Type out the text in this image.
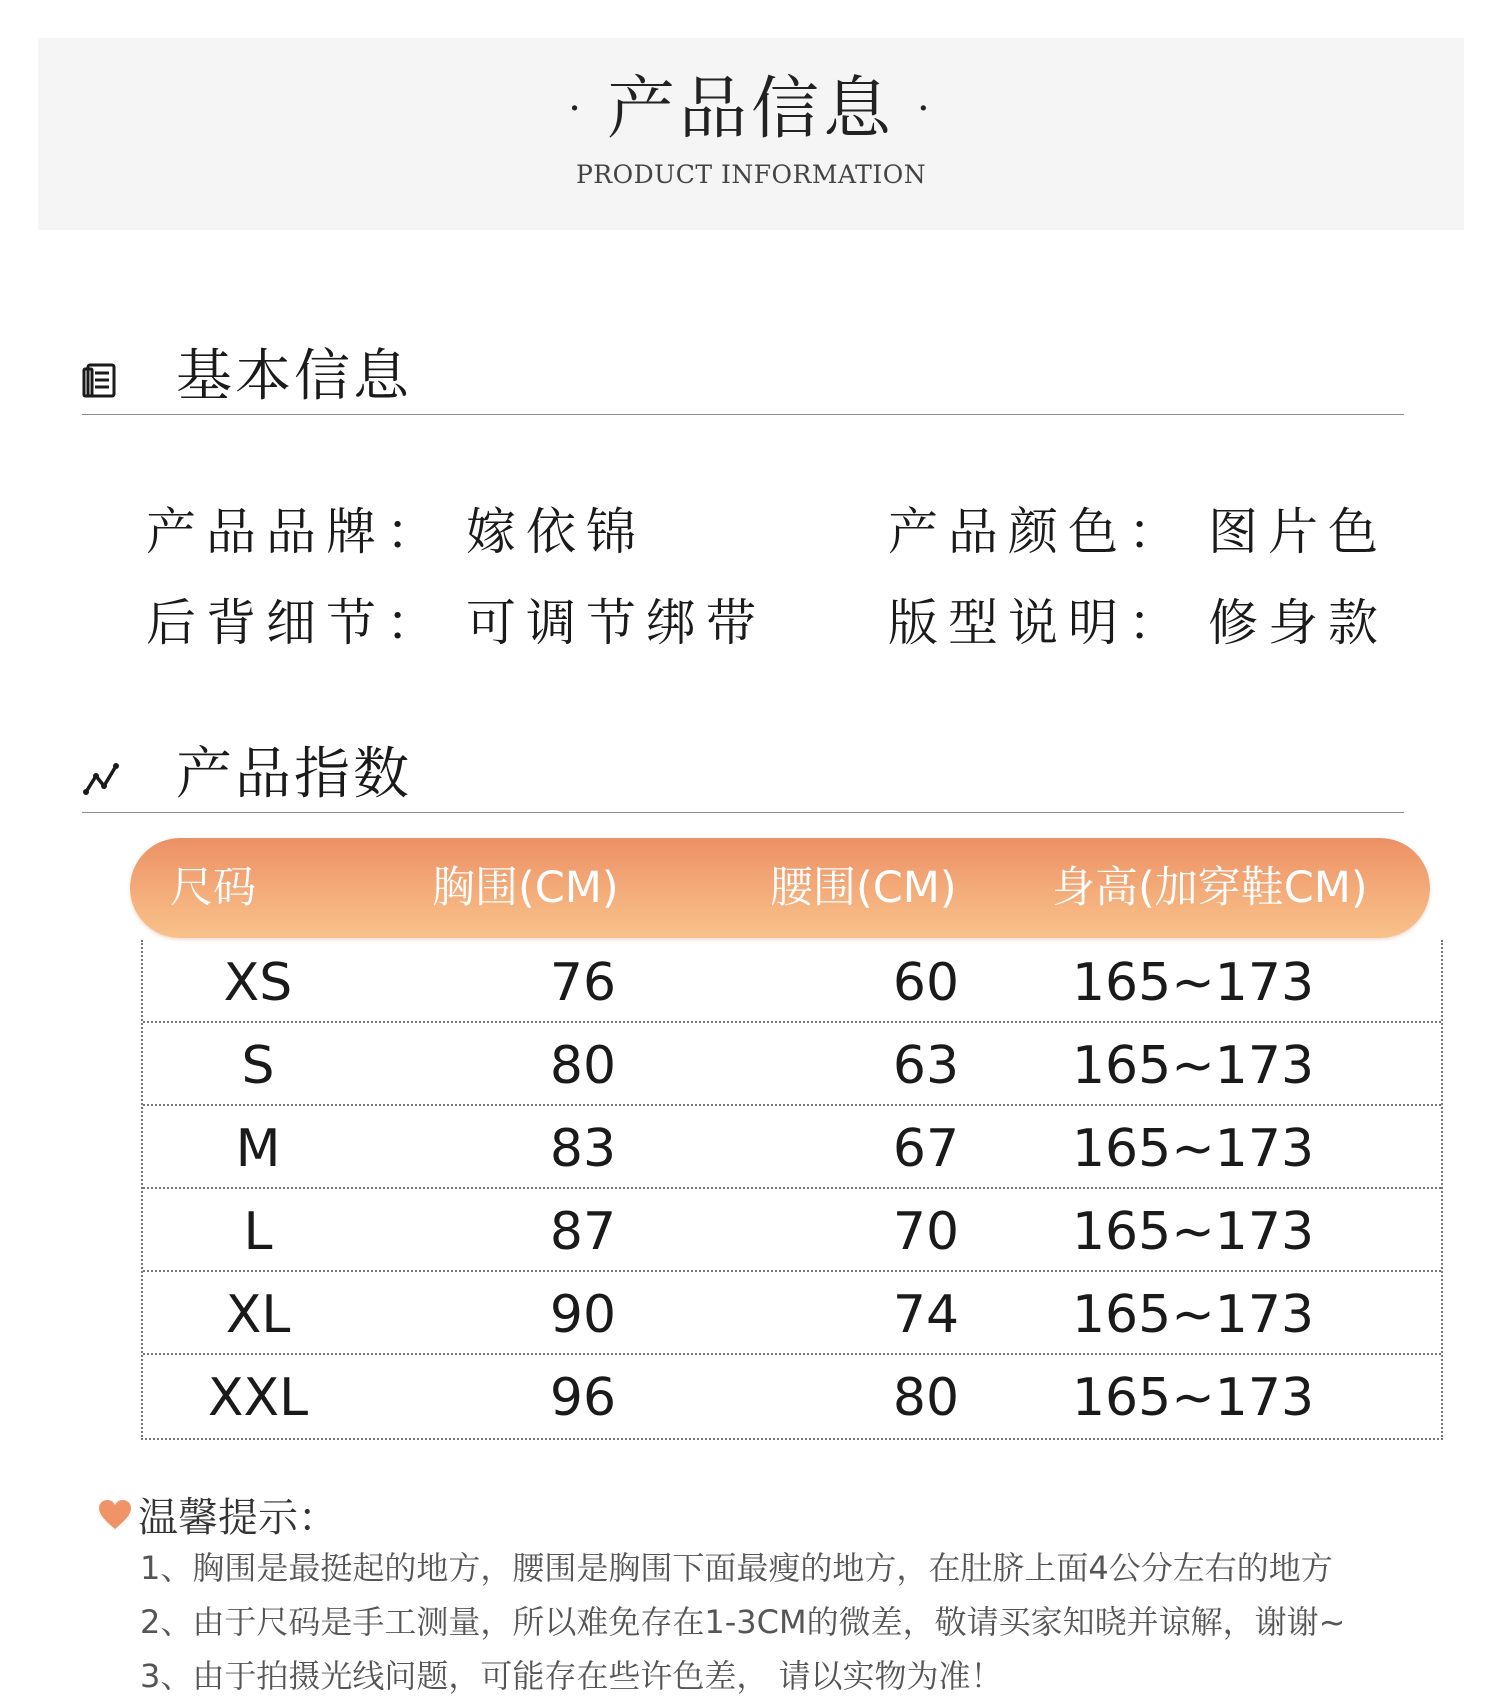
· 产品信息 ·
PRODUCT INFORMATION
基本信息
产品品牌： 嫁依锦	产品颜色： 图片色
后背细节： 可调节绑带 版型说明： 修身款
产品指数
尺码	胸围(CM)	腰围(CM) 身高(加穿鞋CM)
XS	76	60	165~173
S	80	63	165~173
M	83	67	165~173
L	87	70	165~173
XL	90	74	165~173
XXL	96	80	165~173
温馨提示：
1、胸围是最挺起的地方，腰围是胸围下面最瘦的地方，在肚脐上面4公分左右的地方
2、由于尺码是手工测量，所以难免存在1-3CM的微差，敬请买家知晓并谅解，谢谢~
3、由于拍摄光线问题，可能存在些许色差， 请以实物为准！
